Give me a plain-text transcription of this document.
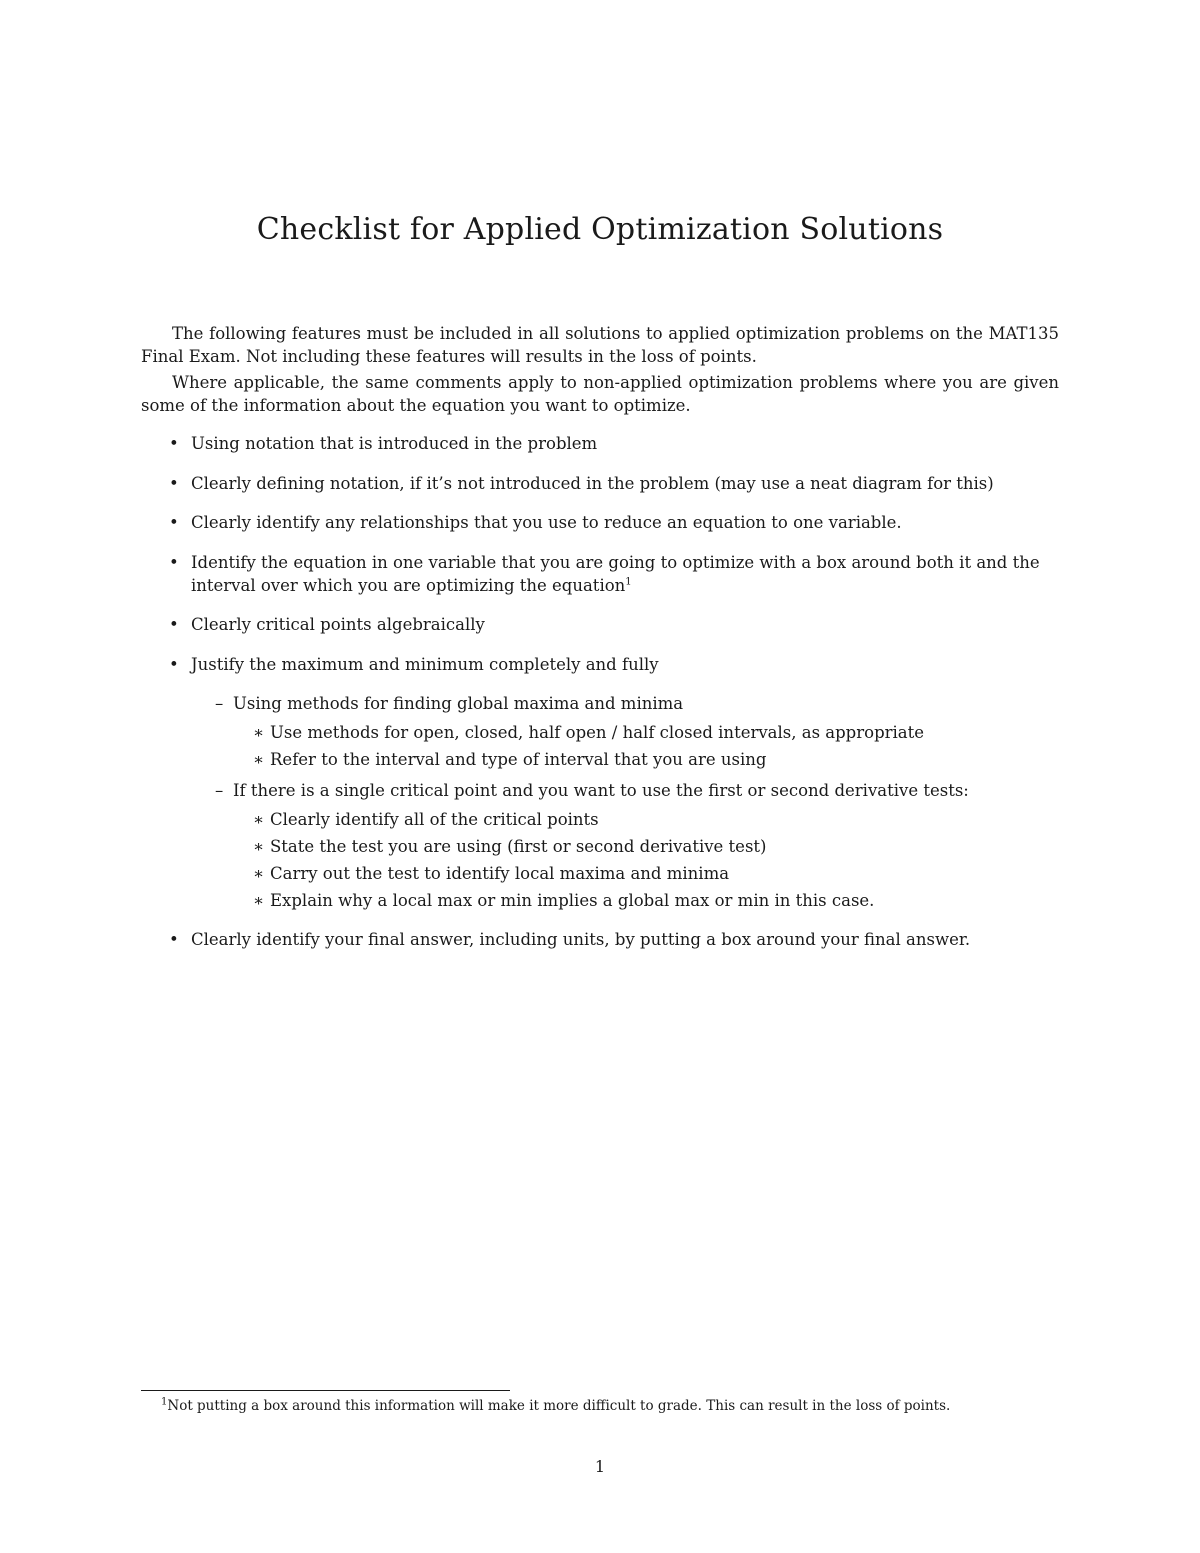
Checklist for Applied Optimization Solutions

The following features must be included in all solutions to applied optimization problems on the MAT135 Final Exam. Not including these features will results in the loss of points.

Where applicable, the same comments apply to non-applied optimization problems where you are given some of the information about the equation you want to optimize.

• Using notation that is introduced in the problem
• Clearly defining notation, if it’s not introduced in the problem (may use a neat diagram for this)
• Clearly identify any relationships that you use to reduce an equation to one variable.
• Identify the equation in one variable that you are going to optimize with a box around both it and the interval over which you are optimizing the equation$^1$
• Clearly critical points algebraically
• Justify the maximum and minimum completely and fully
– Using methods for finding global maxima and minima
∗ Use methods for open, closed, half open / half closed intervals, as appropriate
∗ Refer to the interval and type of interval that you are using
– If there is a single critical point and you want to use the first or second derivative tests:
∗ Clearly identify all of the critical points
∗ State the test you are using (first or second derivative test)
∗ Carry out the test to identify local maxima and minima
∗ Explain why a local max or min implies a global max or min in this case.
• Clearly identify your final answer, including units, by putting a box around your final answer.

$^1$Not putting a box around this information will make it more difficult to grade. This can result in the loss of points.

1
